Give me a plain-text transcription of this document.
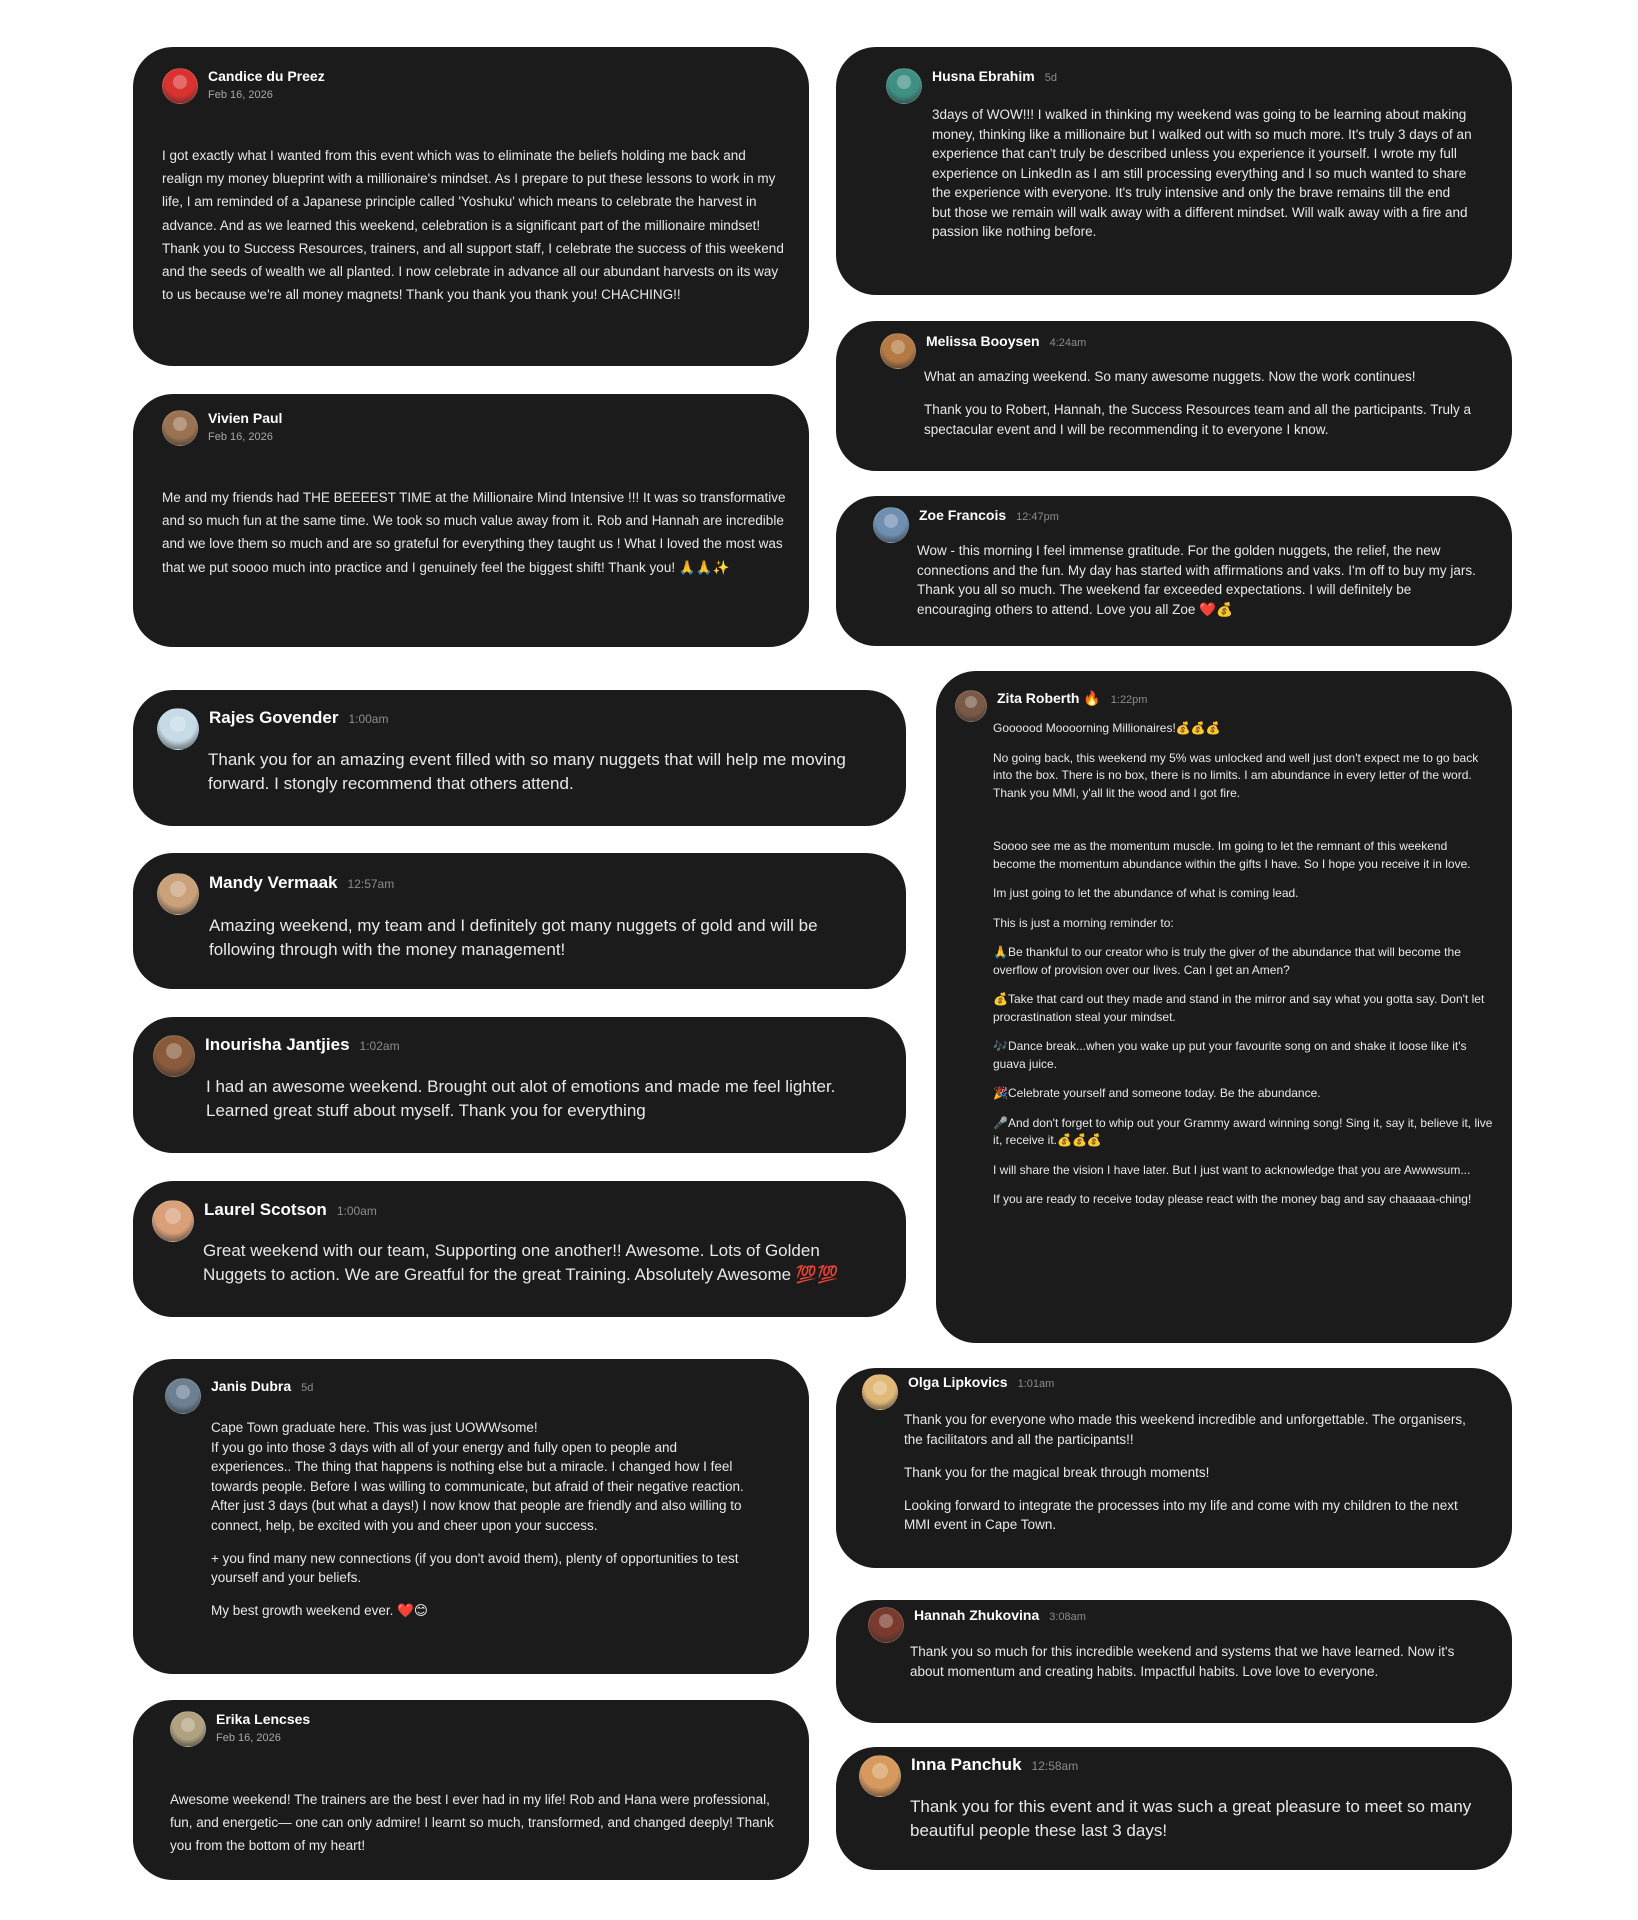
Candice du Preez
Feb 16, 2026

I got exactly what I wanted from this event which was to eliminate the beliefs holding me back and realign my money blueprint with a millionaire's mindset. As I prepare to put these lessons to work in my life, I am reminded of a Japanese principle called 'Yoshuku' which means to celebrate the harvest in advance. And as we learned this weekend, celebration is a significant part of the millionaire mindset! Thank you to Success Resources, trainers, and all support staff, I celebrate the success of this weekend and the seeds of wealth we all planted. I now celebrate in advance all our abundant harvests on its way to us because we're all money magnets! Thank you thank you thank you! CHACHING!!

Vivien Paul
Feb 16, 2026

Me and my friends had THE BEEEEST TIME at the Millionaire Mind Intensive !!! It was so transformative and so much fun at the same time. We took so much value away from it. Rob and Hannah are incredible and we love them so much and are so grateful for everything they taught us ! What I loved the most was that we put soooo much into practice and I genuinely feel the biggest shift! Thank you! 🙏🙏✨

Husna Ebrahim 5d

3days of WOW!!! I walked in thinking my weekend was going to be learning about making money, thinking like a millionaire but I walked out with so much more. It's truly 3 days of an experience that can't truly be described unless you experience it yourself. I wrote my full experience on LinkedIn as I am still processing everything and I so much wanted to share the experience with everyone. It's truly intensive and only the brave remains till the end but those we remain will walk away with a different mindset. Will walk away with a fire and passion like nothing before.

Melissa Booysen 4:24am

What an amazing weekend. So many awesome nuggets. Now the work continues!

Thank you to Robert, Hannah, the Success Resources team and all the participants. Truly a spectacular event and I will be recommending it to everyone I know.

Zoe Francois 12:47pm

Wow - this morning I feel immense gratitude. For the golden nuggets, the relief, the new connections and the fun. My day has started with affirmations and vaks. I'm off to buy my jars. Thank you all so much. The weekend far exceeded expectations. I will definitely be encouraging others to attend. Love you all Zoe ❤️💰

Rajes Govender 1:00am

Thank you for an amazing event filled with so many nuggets that will help me moving forward. I stongly recommend that others attend.

Mandy Vermaak 12:57am

Amazing weekend, my team and I definitely got many nuggets of gold and will be following through with the money management!

Inourisha Jantjies 1:02am

I had an awesome weekend. Brought out alot of emotions and made me feel lighter. Learned great stuff about myself. Thank you for everything

Laurel Scotson 1:00am

Great weekend with our team, Supporting one another!! Awesome. Lots of Golden Nuggets to action. We are Greatful for the great Training. Absolutely Awesome 💯💯

Zita Roberth 🔥 1:22pm

Goooood Moooorning Millionaires!💰💰💰

No going back, this weekend my 5% was unlocked and well just don't expect me to go back into the box. There is no box, there is no limits. I am abundance in every letter of the word. Thank you MMI, y'all lit the wood and I got fire.

Soooo see me as the momentum muscle. Im going to let the remnant of this weekend become the momentum abundance within the gifts I have. So I hope you receive it in love.

Im just going to let the abundance of what is coming lead.

This is just a morning reminder to:

🙏Be thankful to our creator who is truly the giver of the abundance that will become the overflow of provision over our lives. Can I get an Amen?

💰Take that card out they made and stand in the mirror and say what you gotta say. Don't let procrastination steal your mindset.

🎶Dance break...when you wake up put your favourite song on and shake it loose like it's guava juice.

🎉Celebrate yourself and someone today. Be the abundance.

🎤And don't forget to whip out your Grammy award winning song! Sing it, say it, believe it, live it, receive it.💰💰💰

I will share the vision I have later. But I just want to acknowledge that you are Awwwsum...

If you are ready to receive today please react with the money bag and say chaaaaa-ching!

Janis Dubra 5d

Cape Town graduate here. This was just UOWWsome!
If you go into those 3 days with all of your energy and fully open to people and experiences.. The thing that happens is nothing else but a miracle. I changed how I feel towards people. Before I was willing to communicate, but afraid of their negative reaction. After just 3 days (but what a days!) I now know that people are friendly and also willing to connect, help, be excited with you and cheer upon your success.

+ you find many new connections (if you don't avoid them), plenty of opportunities to test yourself and your beliefs.

My best growth weekend ever. ❤️😊

Erika Lencses
Feb 16, 2026

Awesome weekend! The trainers are the best I ever had in my life! Rob and Hana were professional, fun, and energetic— one can only admire! I learnt so much, transformed, and changed deeply! Thank you from the bottom of my heart!

Olga Lipkovics 1:01am

Thank you for everyone who made this weekend incredible and unforgettable. The organisers, the facilitators and all the participants!!

Thank you for the magical break through moments!

Looking forward to integrate the processes into my life and come with my children to the next MMI event in Cape Town.

Hannah Zhukovina 3:08am

Thank you so much for this incredible weekend and systems that we have learned. Now it's about momentum and creating habits. Impactful habits. Love love to everyone.

Inna Panchuk 12:58am

Thank you for this event and it was such a great pleasure to meet so many beautiful people these last 3 days!
